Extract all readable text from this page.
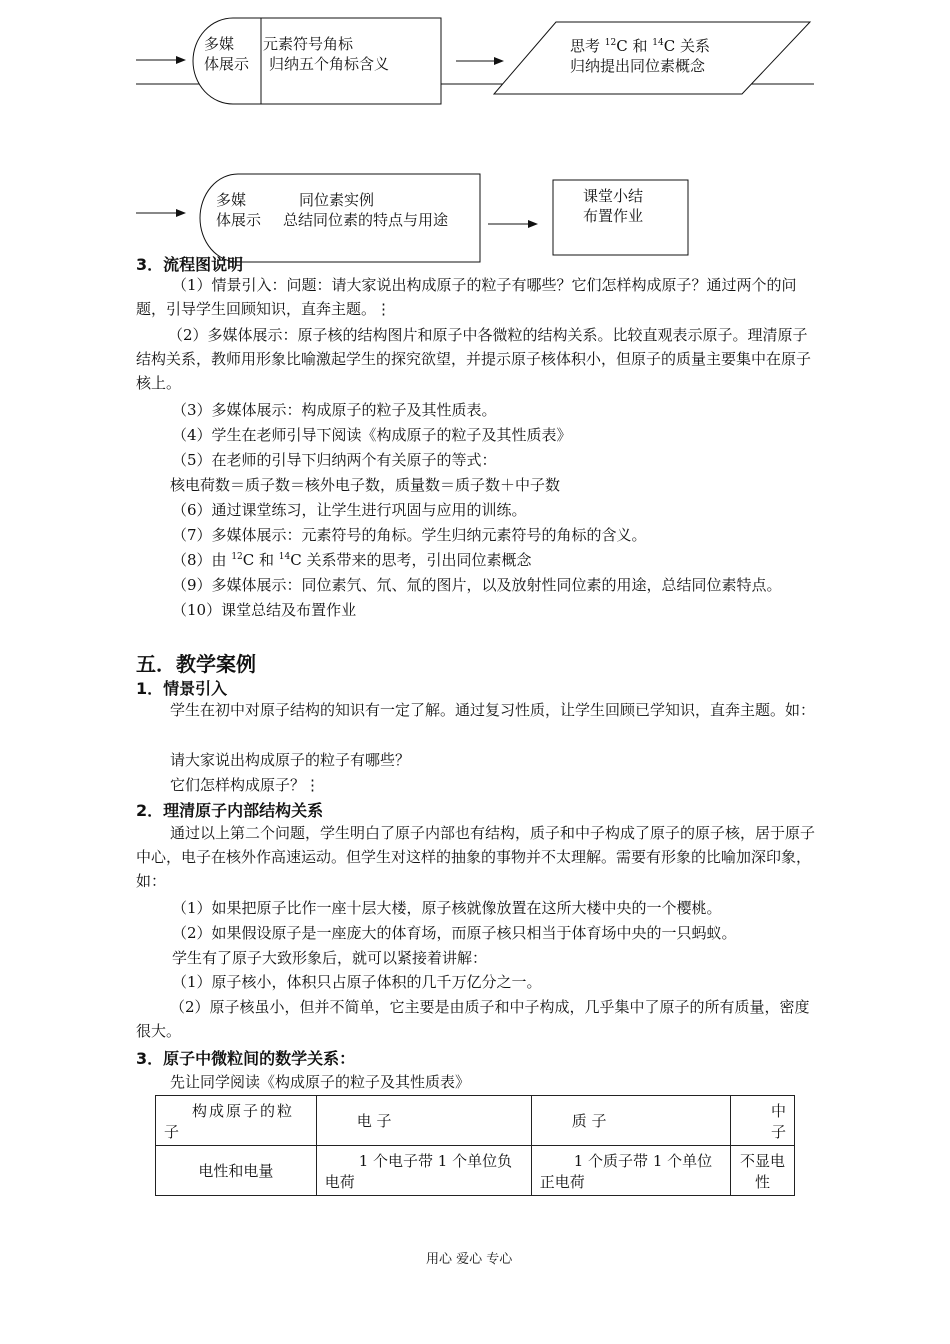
多媒
体展示
元素符号角标
归纳五个角标含义
思考 $^{12}$C 和 $^{14}$C 关系
归纳提出同位素概念
多媒
体展示
同位素实例
总结同位素的特点与用途
课堂小结
布置作业
3．流程图说明
（1）情景引入：问题：请大家说出构成原子的粒子有哪些？它们怎样构成原子？通过两个的问题，引导学生回顾知识，直奔主题。⋮
（2）多媒体展示：原子核的结构图片和原子中各微粒的结构关系。比较直观表示原子。理清原子结构关系，教师用形象比喻激起学生的探究欲望，并提示原子核体积小，但原子的质量主要集中在原子核上。
（3）多媒体展示：构成原子的粒子及其性质表。
（4）学生在老师引导下阅读《构成原子的粒子及其性质表》
（5）在老师的引导下归纳两个有关原子的等式：
核电荷数＝质子数＝核外电子数，质量数＝质子数＋中子数
（6）通过课堂练习，让学生进行巩固与应用的训练。
（7）多媒体展示：元素符号的角标。学生归纳元素符号的角标的含义。
（8）由 $^{12}$C 和 $^{14}$C 关系带来的思考，引出同位素概念
（9）多媒体展示：同位素氕、氘、氚的图片，以及放射性同位素的用途，总结同位素特点。
（10）课堂总结及布置作业
五．教学案例
1．情景引入
学生在初中对原子结构的知识有一定了解。通过复习性质，让学生回顾已学知识，直奔主题。如：
请大家说出构成原子的粒子有哪些？
它们怎样构成原子？⋮
2．理清原子内部结构关系
通过以上第二个问题，学生明白了原子内部也有结构，质子和中子构成了原子的原子核，居于原子中心，电子在核外作高速运动。但学生对这样的抽象的事物并不太理解。需要有形象的比喻加深印象，如：
（1）如果把原子比作一座十层大楼，原子核就像放置在这所大楼中央的一个樱桃。
（2）如果假设原子是一座庞大的体育场，而原子核只相当于体育场中央的一只蚂蚁。
学生有了原子大致形象后，就可以紧接着讲解：
（1）原子核小，体积只占原子体积的几千万亿分之一。
（2）原子核虽小，但并不简单，它主要是由质子和中子构成，几乎集中了原子的所有质量，密度很大。
3．原子中微粒间的数学关系：
先让同学阅读《构成原子的粒子及其性质表》
构成原子的粒子	电 子	质 子	中 子
电性和电量	1 个电子带 1 个单位负电荷	1 个质子带 1 个单位正电荷	不显电性
用心 爱心 专心
